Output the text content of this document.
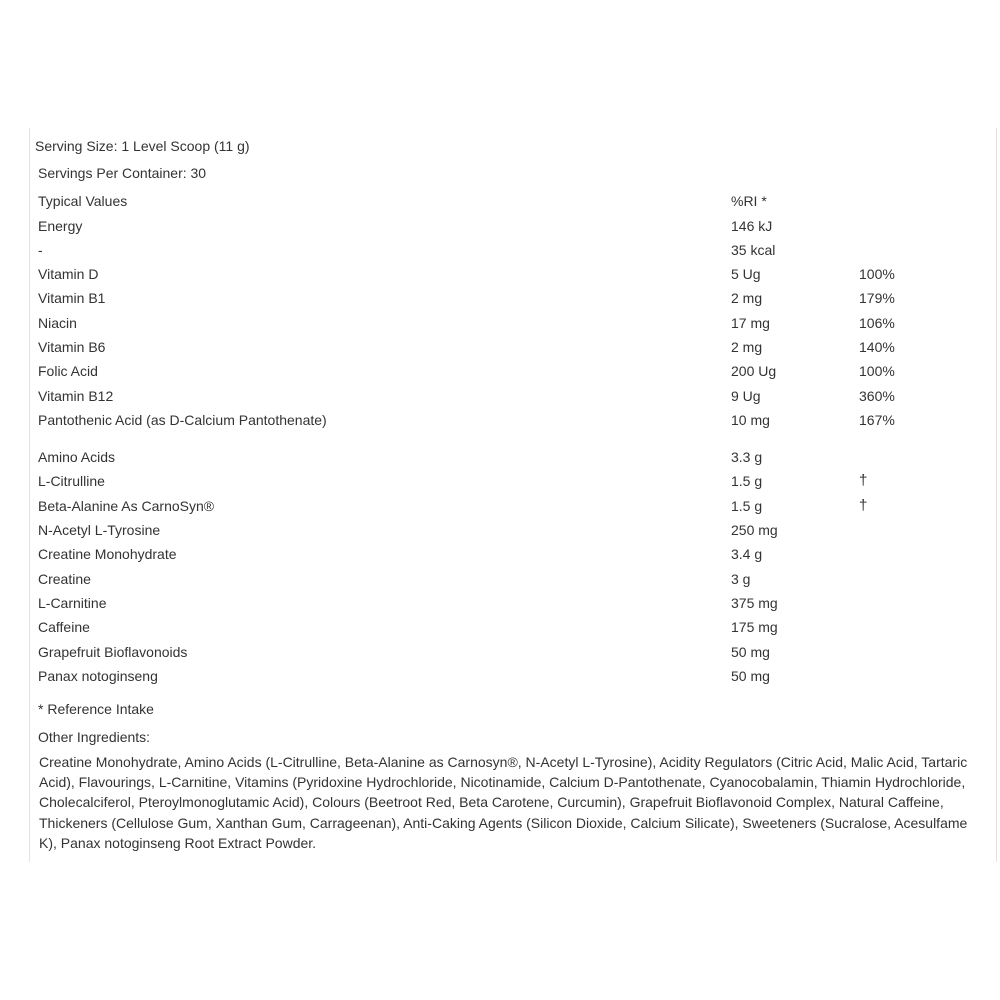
Serving Size: 1 Level Scoop (11 g)
Servings Per Container: 30
Typical Values	%RI *
Energy	146 kJ
-	35 kcal
Vitamin D	5 Ug	100%
Vitamin B1	2 mg	179%
Niacin	17 mg	106%
Vitamin B6	2 mg	140%
Folic Acid	200 Ug	100%
Vitamin B12	9 Ug	360%
Pantothenic Acid (as D-Calcium Pantothenate)	10 mg	167%
Amino Acids	3.3 g
L-Citrulline	1.5 g	†
Beta-Alanine As CarnoSyn®	1.5 g	†
N-Acetyl L-Tyrosine	250 mg
Creatine Monohydrate	3.4 g
Creatine	3 g
L-Carnitine	375 mg
Caffeine	175 mg
Grapefruit Bioflavonoids	50 mg
Panax notoginseng	50 mg
* Reference Intake
Other Ingredients:
Creatine Monohydrate, Amino Acids (L-Citrulline, Beta-Alanine as Carnosyn®, N-Acetyl L-Tyrosine), Acidity Regulators (Citric Acid, Malic Acid, Tartaric Acid), Flavourings, L-Carnitine, Vitamins (Pyridoxine Hydrochloride, Nicotinamide, Calcium D-Pantothenate, Cyanocobalamin, Thiamin Hydrochloride, Cholecalciferol, Pteroylmonoglutamic Acid), Colours (Beetroot Red, Beta Carotene, Curcumin), Grapefruit Bioflavonoid Complex, Natural Caffeine, Thickeners (Cellulose Gum, Xanthan Gum, Carrageenan), Anti-Caking Agents (Silicon Dioxide, Calcium Silicate), Sweeteners (Sucralose, Acesulfame K), Panax notoginseng Root Extract Powder.
